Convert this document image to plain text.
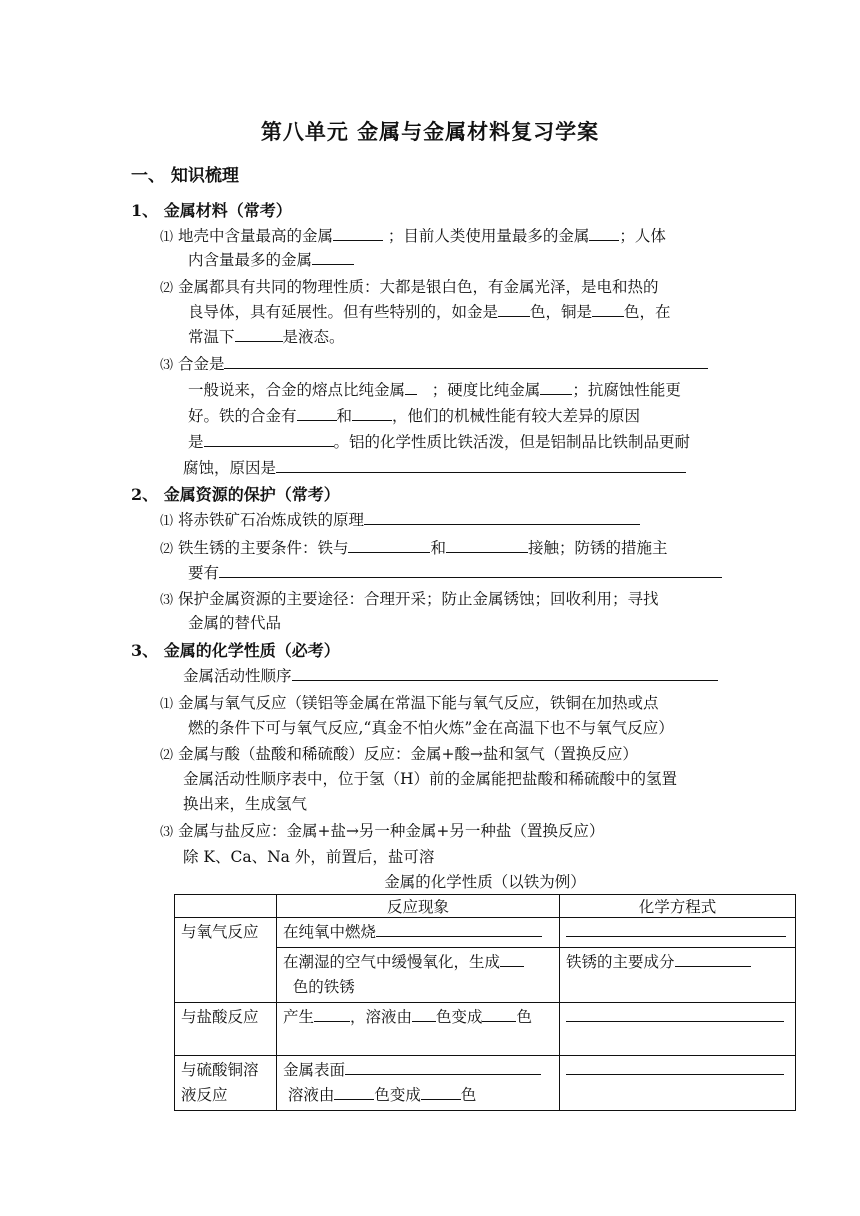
第八单元 金属与金属材料复习学案
一、 知识梳理
1、 金属材料（常考）
⑴ 地壳中含量最高的金属	；目前人类使用量最多的金属 ；人体
内含量最多的金属
⑵ 金属都具有共同的物理性质：大都是银白色，有金属光泽，是电和热的
良导体，具有延展性。但有些特别的，如金是 色，铜是 色，在
常温下	是液态。
⑶ 合金是
一般说来，合金的熔点比纯金属 ；硬度比纯金属 ；抗腐蚀性能更
好。铁的合金有	和	，他们的机械性能有较大差异的原因
是	。铝的化学性质比铁活泼，但是铝制品比铁制品更耐
腐蚀，原因是
2、 金属资源的保护（常考）
⑴ 将赤铁矿石冶炼成铁的原理
⑵ 铁生锈的主要条件：铁与	和	接触；防锈的措施主
要有
⑶ 保护金属资源的主要途径：合理开采；防止金属锈蚀；回收利用；寻找
金属的替代品
3、 金属的化学性质（必考）
金属活动性顺序
⑴ 金属与氧气反应（镁铝等金属在常温下能与氧气反应，铁铜在加热或点
燃的条件下可与氧气反应,“真金不怕火炼”金在高温下也不与氧气反应）
⑵ 金属与酸（盐酸和稀硫酸）反应：金属+酸→盐和氢气（置换反应）
金属活动性顺序表中，位于氢（H）前的金属能把盐酸和稀硫酸中的氢置
换出来，生成氢气
⑶ 金属与盐反应：金属+盐→另一种金属+另一种盐（置换反应）
除 K、Ca、Na 外，前置后，盐可溶
金属的化学性质（以铁为例）
	反应现象	化学方程式

与氧气反应	在纯氧中燃烧	
	在潮湿的空气中缓慢氧化，生成
色的铁锈	铁锈的主要成分

与盐酸反应	产生 ，溶液由 色变成 色	

与硫酸铜溶液反应	金属表面
溶液由 色变成 色	
